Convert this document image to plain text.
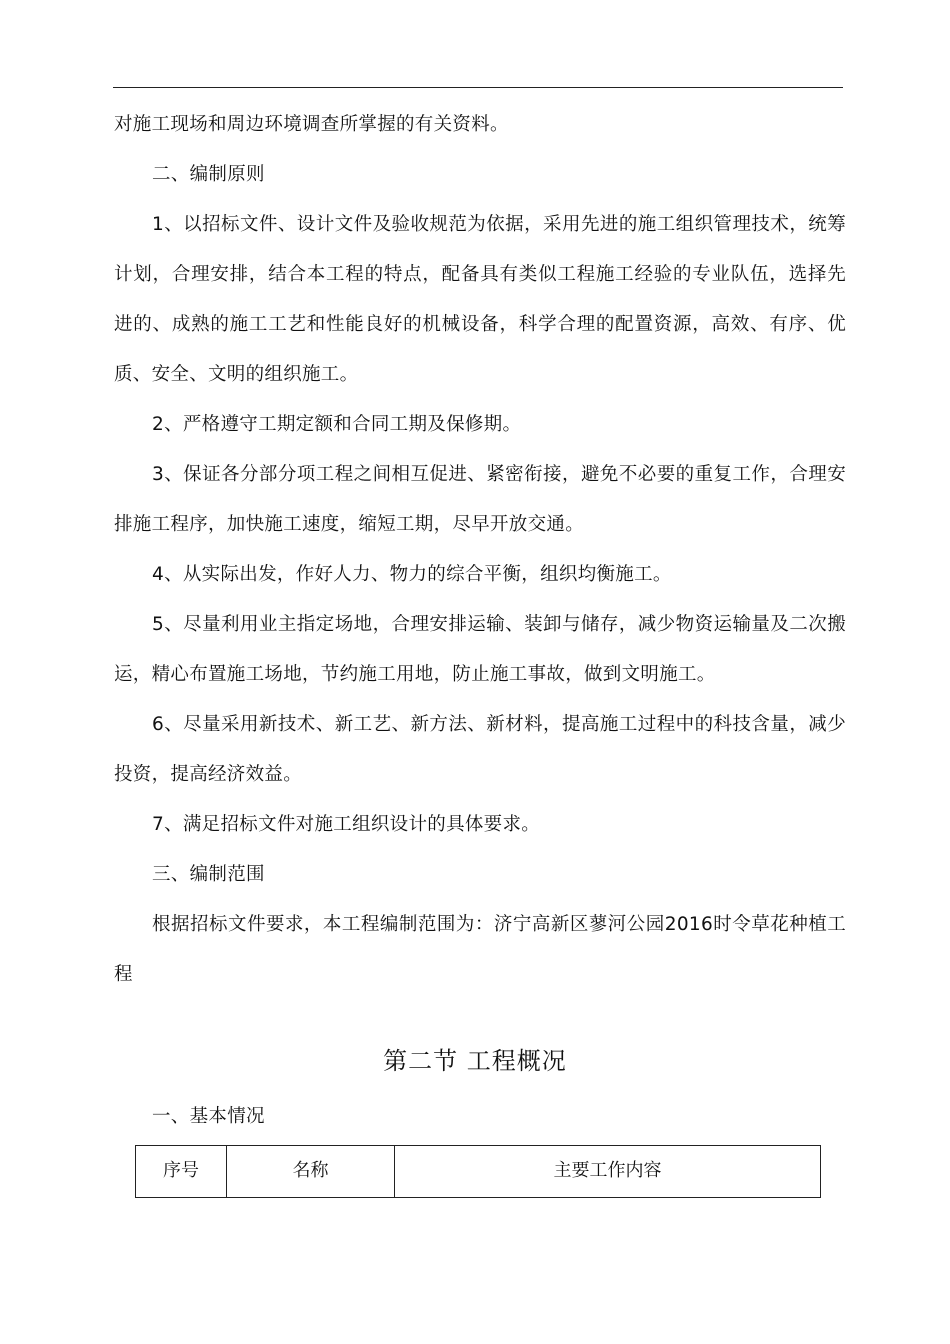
对施工现场和周边环境调查所掌握的有关资料。

二、编制原则

1、以招标文件、设计文件及验收规范为依据，采用先进的施工组织管理技术，统筹计划，合理安排，结合本工程的特点，配备具有类似工程施工经验的专业队伍，选择先进的、成熟的施工工艺和性能良好的机械设备，科学合理的配置资源，高效、有序、优质、安全、文明的组织施工。

2、严格遵守工期定额和合同工期及保修期。

3、保证各分部分项工程之间相互促进、紧密衔接，避免不必要的重复工作，合理安排施工程序，加快施工速度，缩短工期，尽早开放交通。

4、从实际出发，作好人力、物力的综合平衡，组织均衡施工。

5、尽量利用业主指定场地，合理安排运输、装卸与储存，减少物资运输量及二次搬运，精心布置施工场地，节约施工用地，防止施工事故，做到文明施工。

6、尽量采用新技术、新工艺、新方法、新材料，提高施工过程中的科技含量，减少投资，提高经济效益。

7、满足招标文件对施工组织设计的具体要求。

三、编制范围

根据招标文件要求，本工程编制范围为：济宁高新区蓼河公园2016时令草花种植工程

第二节 工程概况
一、基本情况
序号	名称	主要工作内容
